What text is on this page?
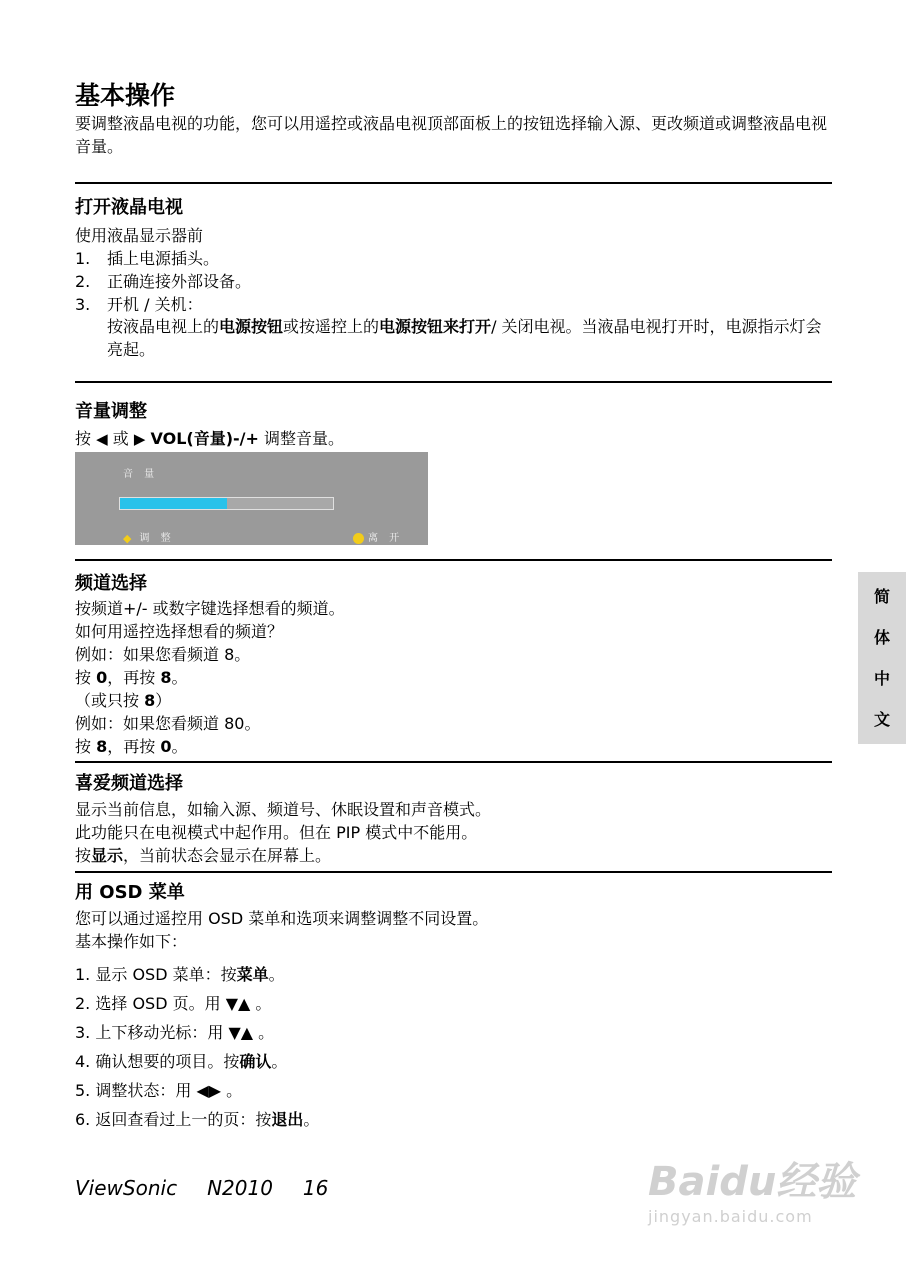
基本操作
要调整液晶电视的功能，您可以用遥控或液晶电视顶部面板上的按钮选择输入源、更改频道或调整液晶电视音量。
打开液晶电视
使用液晶显示器前
1. 插上电源插头。
2. 正确连接外部设备。
3. 开机 / 关机：
按液晶电视上的电源按钮或按遥控上的电源按钮来打开/ 关闭电视。当液晶电视打开时，电源指示灯会亮起。
音量调整
按 ◀ 或 ▶ VOL(音量)-/+ 调整音量。
音 量
◆ 调 整	离 开
频道选择
按频道+/- 或数字键选择想看的频道。
如何用遥控选择想看的频道？
例如：如果您看频道 8。
按 0，再按 8。
（或只按 8）
例如：如果您看频道 80。
按 8，再按 0。
喜爱频道选择
显示当前信息，如输入源、频道号、休眠设置和声音模式。
此功能只在电视模式中起作用。但在 PIP 模式中不能用。
按显示，当前状态会显示在屏幕上。
用 OSD 菜单
您可以通过遥控用 OSD 菜单和选项来调整调整不同设置。
基本操作如下：
1. 显示 OSD 菜单：按菜单。
2. 选择 OSD 页。用 ▼▲ 。
3. 上下移动光标：用 ▼▲ 。
4. 确认想要的项目。按确认。
5. 调整状态：用 ◀▶ 。
6. 返回查看过上一的页：按退出。
简
体
中
文
ViewSonic N2010 16	Baidu经验
jingyan.baidu.com
